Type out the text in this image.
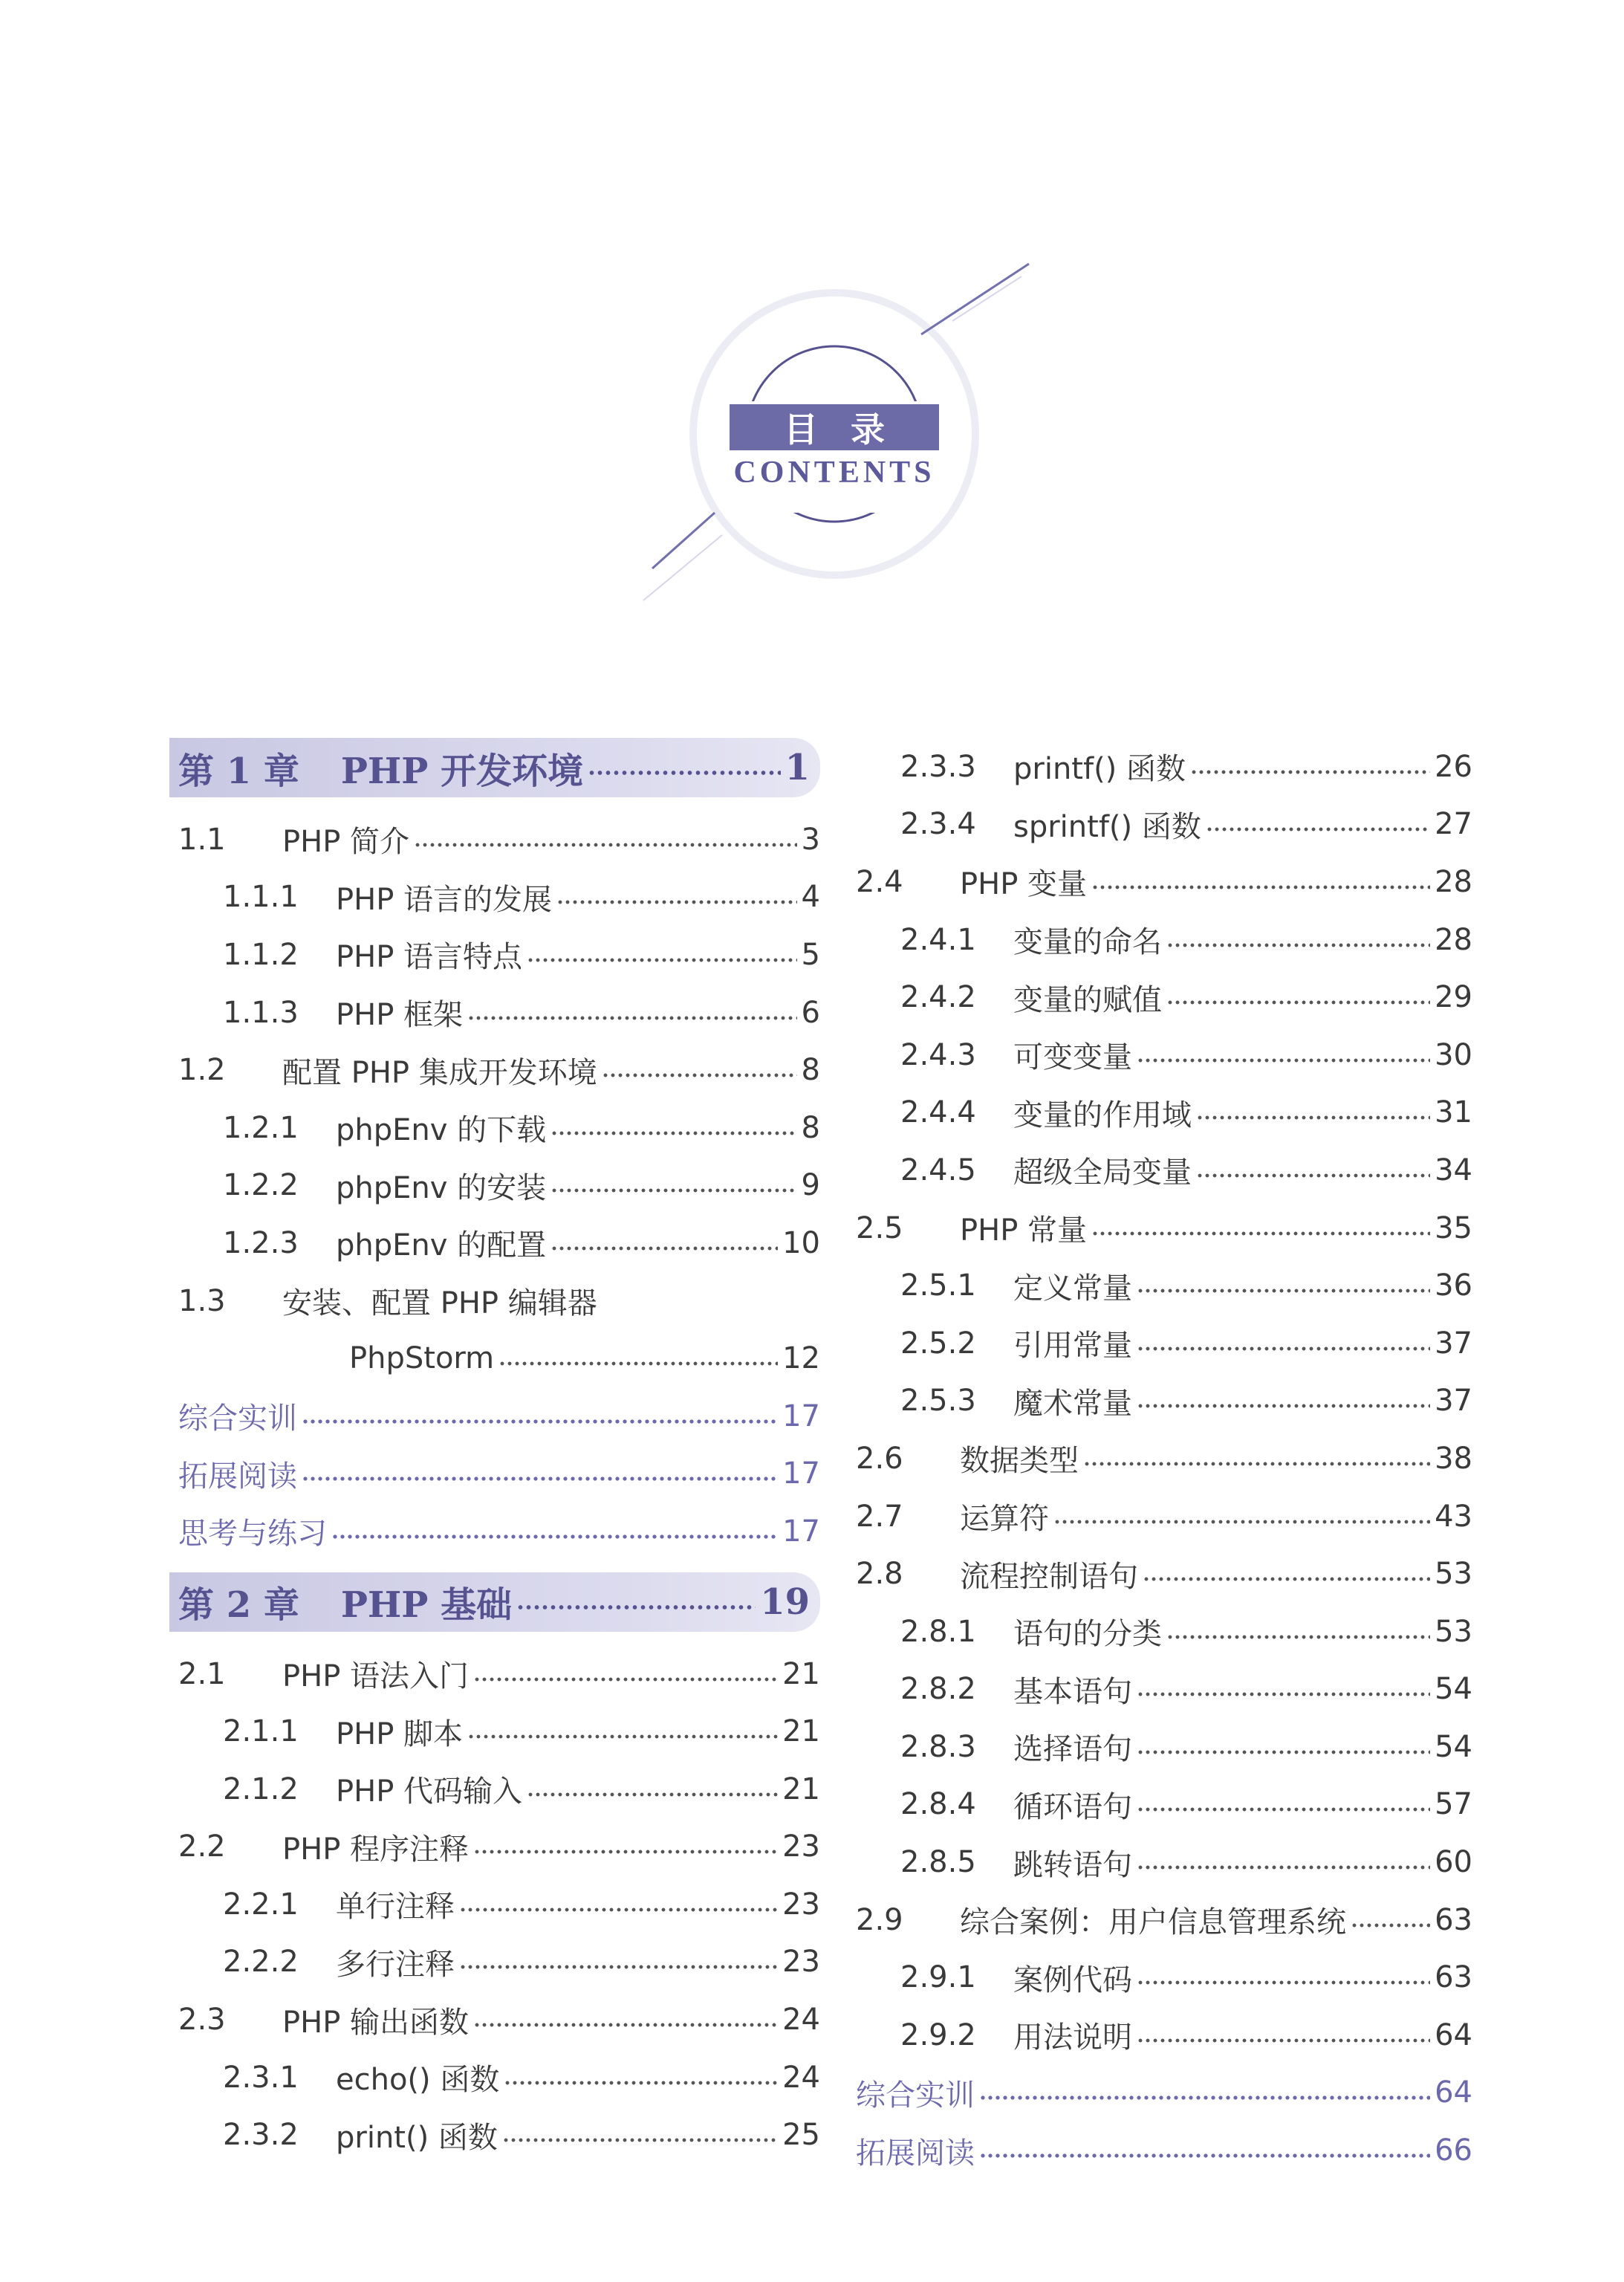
目录
CONTENTS
第 1 章 PHP 开发环境	1
1.1	PHP 简介	3
1.1.1	PHP 语言的发展	4
1.1.2	PHP 语言特点	5
1.1.3	PHP 框架	6
1.2	配置 PHP 集成开发环境	8
1.2.1	phpEnv 的下载	8
1.2.2	phpEnv 的安装	9
1.2.3	phpEnv 的配置	10
1.3	安装、配置 PHP 编辑器
PhpStorm	12
综合实训	17
拓展阅读	17
思考与练习	17
第 2 章 PHP 基础	19
2.1	PHP 语法入门	21
2.1.1	PHP 脚本	21
2.1.2	PHP 代码输入	21
2.2	PHP 程序注释	23
2.2.1	单行注释	23
2.2.2	多行注释	23
2.3	PHP 输出函数	24
2.3.1	echo() 函数	24
2.3.2	print() 函数	25
2.3.3	printf() 函数	26
2.3.4	sprintf() 函数	27
2.4	PHP 变量	28
2.4.1	变量的命名	28
2.4.2	变量的赋值	29
2.4.3	可变变量	30
2.4.4	变量的作用域	31
2.4.5	超级全局变量	34
2.5	PHP 常量	35
2.5.1	定义常量	36
2.5.2	引用常量	37
2.5.3	魔术常量	37
2.6	数据类型	38
2.7	运算符	43
2.8	流程控制语句	53
2.8.1	语句的分类	53
2.8.2	基本语句	54
2.8.3	选择语句	54
2.8.4	循环语句	57
2.8.5	跳转语句	60
2.9	综合案例：用户信息管理系统	63
2.9.1	案例代码	63
2.9.2	用法说明	64
综合实训	64
拓展阅读	66
